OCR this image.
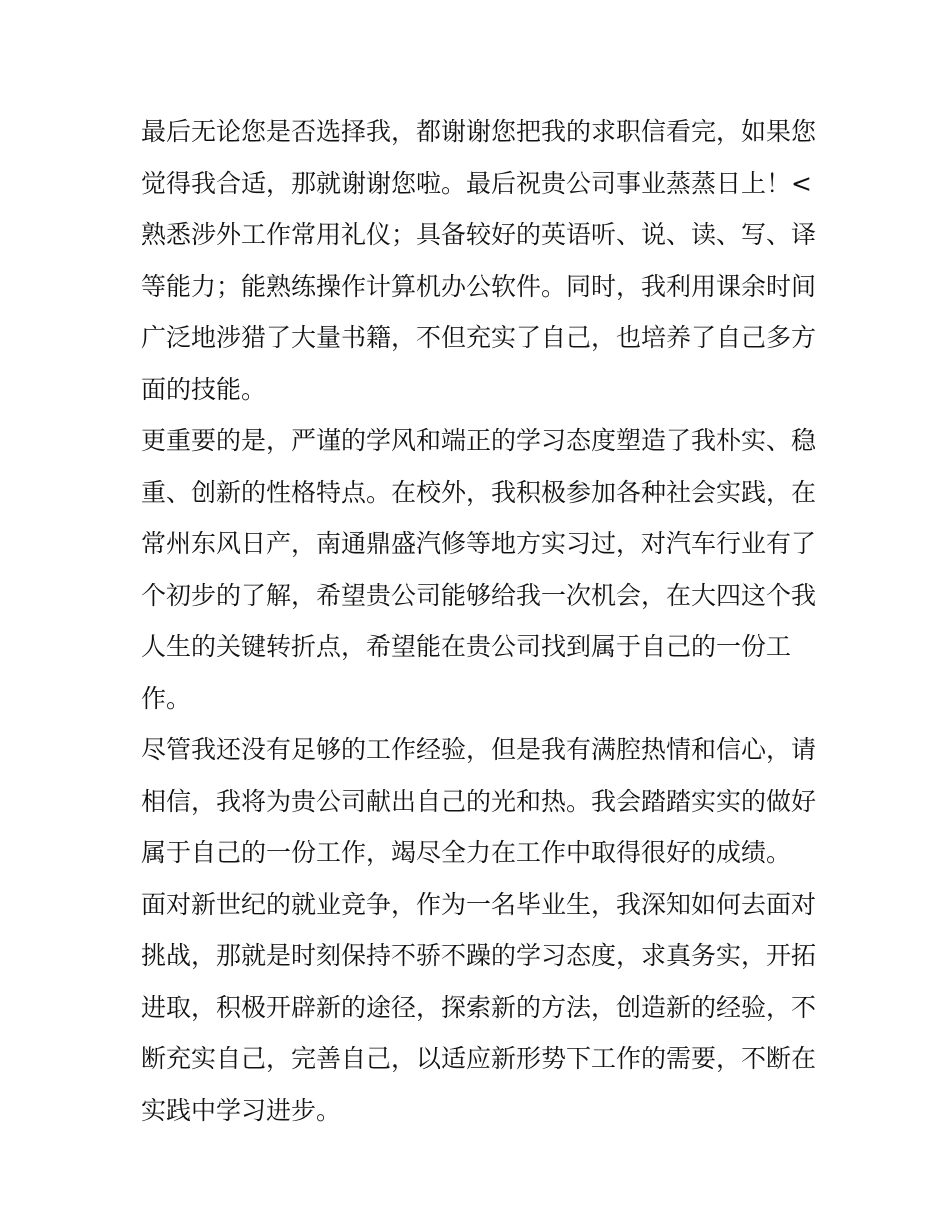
最后无论您是否选择我，都谢谢您把我的求职信看完，如果您
觉得我合适，那就谢谢您啦。最后祝贵公司事业蒸蒸日上！<
熟悉涉外工作常用礼仪；具备较好的英语听、说、读、写、译
等能力；能熟练操作计算机办公软件。同时，我利用课余时间
广泛地涉猎了大量书籍，不但充实了自己，也培养了自己多方
面的技能。
更重要的是，严谨的学风和端正的学习态度塑造了我朴实、稳
重、创新的性格特点。在校外，我积极参加各种社会实践，在
常州东风日产，南通鼎盛汽修等地方实习过，对汽车行业有了
个初步的了解，希望贵公司能够给我一次机会，在大四这个我
人生的关键转折点，希望能在贵公司找到属于自己的一份工
作。
尽管我还没有足够的工作经验，但是我有满腔热情和信心，请
相信，我将为贵公司献出自己的光和热。我会踏踏实实的做好
属于自己的一份工作，竭尽全力在工作中取得很好的成绩。
面对新世纪的就业竞争，作为一名毕业生，我深知如何去面对
挑战，那就是时刻保持不骄不躁的学习态度，求真务实，开拓
进取，积极开辟新的途径，探索新的方法，创造新的经验，不
断充实自己，完善自己，以适应新形势下工作的需要，不断在
实践中学习进步。
